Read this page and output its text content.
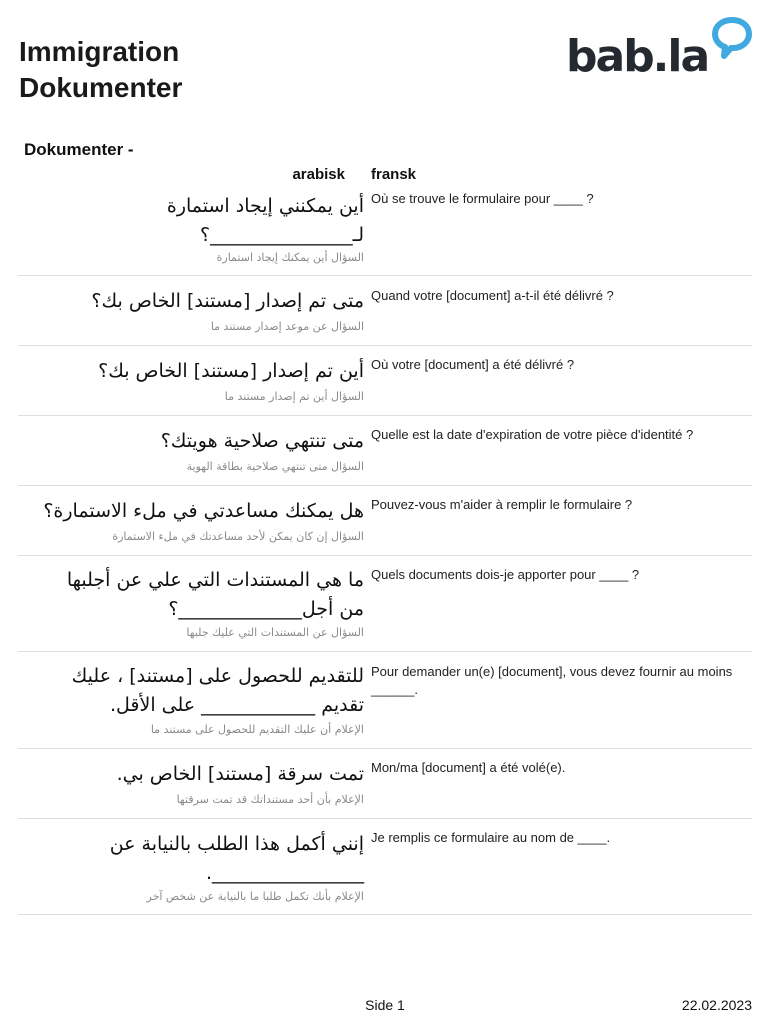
Immigration
Dokumenter
bab.la
Dokumenter -
arabisk fransk
أين يمكنني إيجاد استمارة لـ_______________؟
السؤال أين يمكنك إيجاد استمارة
Où se trouve le formulaire pour ____ ?
متى تم إصدار [مستند] الخاص بك؟
السؤال عن موعد إصدار مستند ما
Quand votre [document] a-t-il été délivré ?
أين تم إصدار [مستند] الخاص بك؟
السؤال أين تم إصدار مستند ما
Où votre [document] a été délivré ?
متى تنتهي صلاحية هويتك؟
السؤال متى تنتهي صلاحية بطاقة الهوية
Quelle est la date d'expiration de votre pièce d'identité ?
هل يمكنك مساعدتي في ملء الاستمارة؟
السؤال إن كان يمكن لأحد مساعدتك في ملء الاستمارة
Pouvez-vous m'aider à remplir le formulaire ?
ما هي المستندات التي علي عن أجلبها من أجل_____________؟
السؤال عن المستندات التي عليك جلبها
Quels documents dois-je apporter pour ____ ?
للتقديم للحصول على [مستند] ، عليك تقديم ____________ على الأقل.
الإعلام أن عليك التقديم للحصول على مستند ما
Pour demander un(e) [document], vous devez fournir au moins ______.
تمت سرقة [مستند] الخاص بي.
الإعلام بأن أحد مستنداتك قد تمت سرقتها
Mon/ma [document] a été volé(e).
إنني أكمل هذا الطلب بالنيابة عن ________________.
الإعلام بأنك تكمل طلبا ما بالنيابة عن شخص آخر
Je remplis ce formulaire au nom de ____.
Side 1	22.02.2023
